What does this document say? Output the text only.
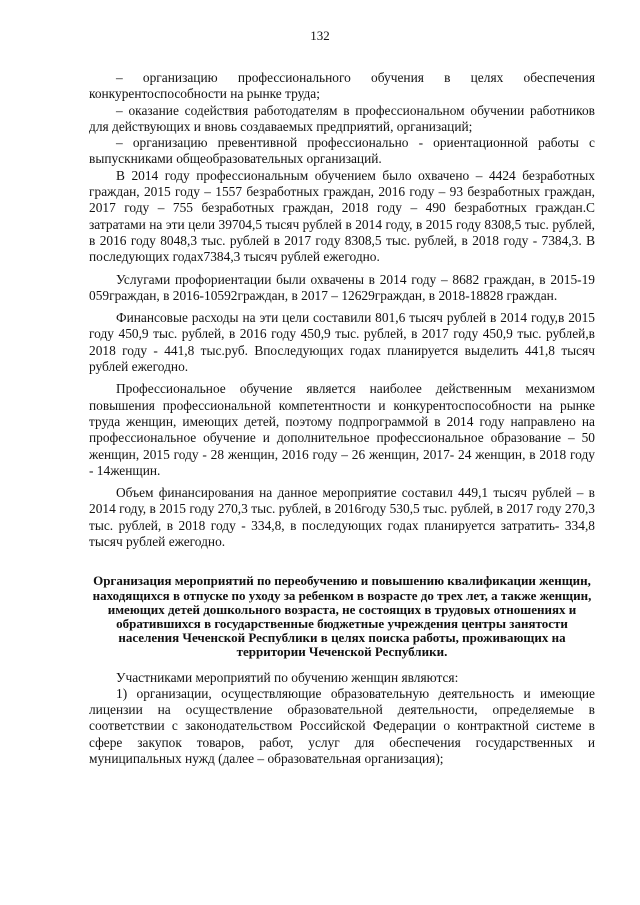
132

– организацию профессионального обучения в целях обеспечения конкурентоспособности на рынке труда;

– оказание содействия работодателям в профессиональном обучении работников для действующих и вновь создаваемых предприятий, организаций;

– организацию превентивной профессионально - ориентационной работы с выпускниками общеобразовательных организаций.

В 2014 году профессиональным обучением было охвачено – 4424 безработных граждан, 2015 году – 1557 безработных граждан, 2016 году – 93 безработных граждан, 2017 году – 755 безработных граждан, 2018 году – 490 безработных граждан.С затратами на эти цели 39704,5 тысяч рублей в 2014 году, в 2015 году 8308,5 тыс. рублей, в 2016 году 8048,3 тыс. рублей в 2017 году 8308,5 тыс. рублей, в 2018 году - 7384,3. В последующих годах7384,3 тысяч рублей ежегодно.

Услугами профориентации были охвачены в 2014 году – 8682 граждан, в 2015-19 059граждан, в 2016-10592граждан, в 2017 – 12629граждан, в 2018-18828 граждан.

Финансовые расходы на эти цели составили 801,6 тысяч рублей в 2014 году,в 2015 году 450,9 тыс. рублей, в 2016 году 450,9 тыс. рублей, в 2017 году 450,9 тыс. рублей,в 2018 году - 441,8 тыс.руб. Впоследующих годах планируется выделить 441,8 тысяч рублей ежегодно.

Профессиональное обучение является наиболее действенным механизмом повышения профессиональной компетентности и конкурентоспособности на рынке труда женщин, имеющих детей, поэтому подпрограммой в 2014 году направлено на профессиональное обучение и дополнительное профессиональное образование – 50 женщин, 2015 году - 28 женщин, 2016 году – 26 женщин, 2017- 24 женщин, в 2018 году - 14женщин.

Объем финансирования на данное мероприятие составил 449,1 тысяч рублей – в 2014 году, в 2015 году 270,3 тыс. рублей, в 2016году 530,5 тыс. рублей, в 2017 году 270,3 тыс. рублей, в 2018 году - 334,8, в последующих годах планируется затратить- 334,8 тысяч рублей ежегодно.

Организация мероприятий по переобучению и повышению квалификации женщин, находящихся в отпуске по уходу за ребенком в возрасте до трех лет, а также женщин, имеющих детей дошкольного возраста, не состоящих в трудовых отношениях и обратившихся в государственные бюджетные учреждения центры занятости населения Чеченской Республики в целях поиска работы, проживающих на территории Чеченской Республики.

Участниками мероприятий по обучению женщин являются:

1) организации, осуществляющие образовательную деятельность и имеющие лицензии на осуществление образовательной деятельности, определяемые в соответствии с законодательством Российской Федерации о контрактной системе в сфере закупок товаров, работ, услуг для обеспечения государственных и муниципальных нужд (далее – образовательная организация);
